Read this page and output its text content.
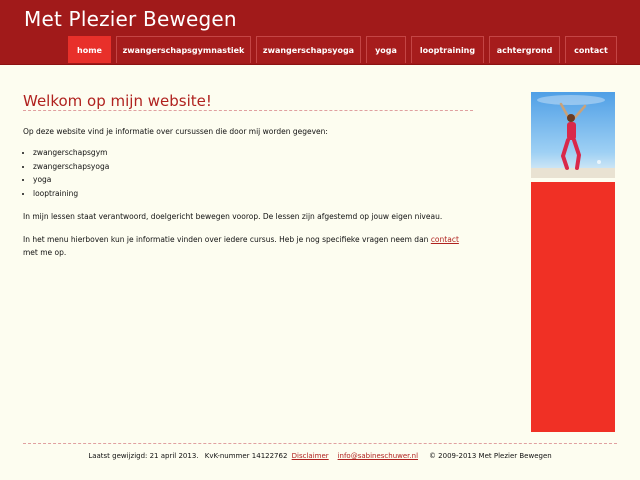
Met Plezier Bewegen
home	zwangerschapsgymnastiek	zwangerschapsyoga	yoga	looptraining	achtergrond	contact
Welkom op mijn website!

Op deze website vind je informatie over cursussen die door mij worden gegeven:

• zwangerschapsgym
• zwangerschapsyoga
• yoga
• looptraining

In mijn lessen staat verantwoord, doelgericht bewegen voorop. De lessen zijn afgestemd op jouw eigen niveau.

In het menu hierboven kun je informatie vinden over iedere cursus. Heb je nog specifieke vragen neem dan contact met me op.

Laatst gewijzigd: 21 april 2013. KvK-nummer 14122762 Disclaimer info@sabineschuwer.nl © 2009-2013 Met Plezier Bewegen
